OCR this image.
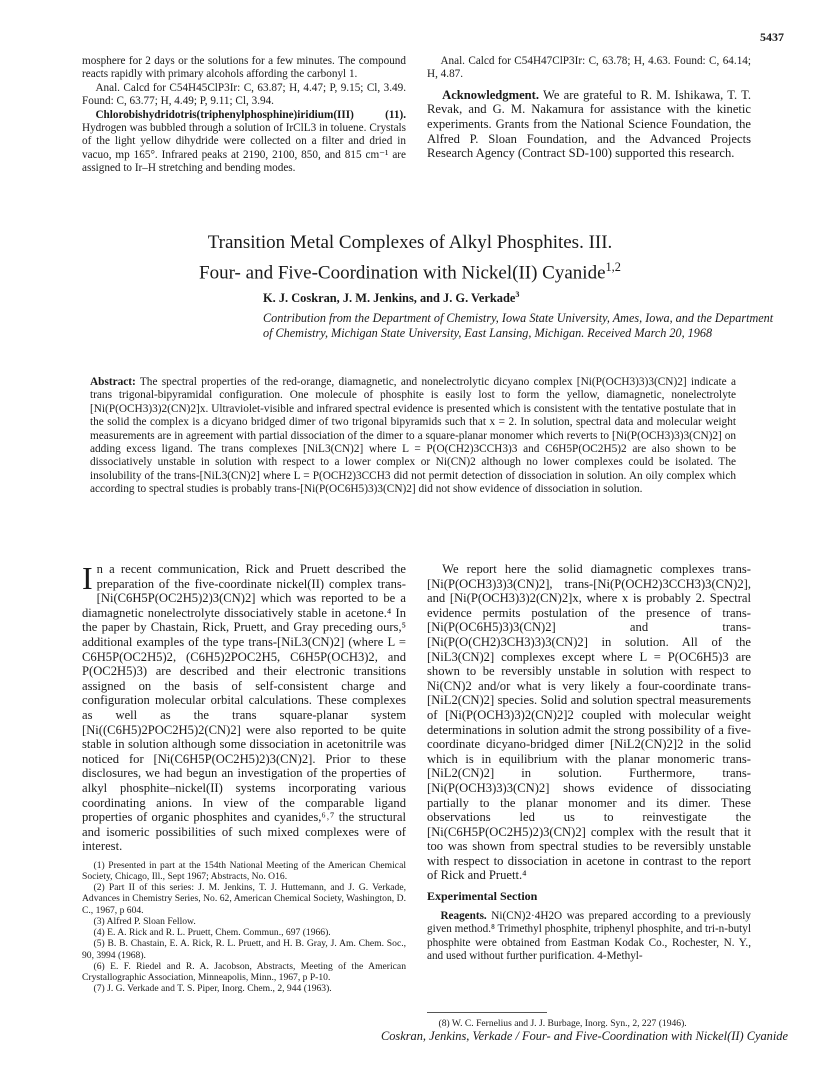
5437

mosphere for 2 days or the solutions for a few minutes. The compound reacts rapidly with primary alcohols affording the carbonyl 1.

Anal. Calcd for C54H45ClP3Ir: C, 63.87; H, 4.47; P, 9.15; Cl, 3.49. Found: C, 63.77; H, 4.49; P, 9.11; Cl, 3.94.

Chlorobishydridotris(triphenylphosphine)iridium(III) (11). Hydrogen was bubbled through a solution of IrClL3 in toluene. Crystals of the light yellow dihydride were collected on a filter and dried in vacuo, mp 165°. Infrared peaks at 2190, 2100, 850, and 815 cm⁻¹ are assigned to Ir–H stretching and bending modes.

Anal. Calcd for C54H47ClP3Ir: C, 63.78; H, 4.63. Found: C, 64.14; H, 4.87.

Acknowledgment. We are grateful to R. M. Ishikawa, T. T. Revak, and G. M. Nakamura for assistance with the kinetic experiments. Grants from the National Science Foundation, the Alfred P. Sloan Foundation, and the Advanced Projects Research Agency (Contract SD-100) supported this research.

Transition Metal Complexes of Alkyl Phosphites. III.
Four- and Five-Coordination with Nickel(II) Cyanide$^{1,2}$
K. J. Coskran, J. M. Jenkins, and J. G. Verkade$^3$
Contribution from the Department of Chemistry, Iowa State University, Ames, Iowa, and the Department of Chemistry, Michigan State University, East Lansing, Michigan. Received March 20, 1968
Abstract: The spectral properties of the red-orange, diamagnetic, and nonelectrolytic dicyano complex [Ni(P(OCH3)3)3(CN)2] indicate a trans trigonal-bipyramidal configuration. One molecule of phosphite is easily lost to form the yellow, diamagnetic, nonelectrolyte [Ni(P(OCH3)3)2(CN)2]x. Ultraviolet-visible and infrared spectral evidence is presented which is consistent with the tentative postulate that in the solid the complex is a dicyano bridged dimer of two trigonal bipyramids such that x = 2. In solution, spectral data and molecular weight measurements are in agreement with partial dissociation of the dimer to a square-planar monomer which reverts to [Ni(P(OCH3)3)3(CN)2] on adding excess ligand. The trans complexes [NiL3(CN)2] where L = P(O(CH2)3CCH3)3 and C6H5P(OC2H5)2 are also shown to be dissociatively unstable in solution with respect to a lower complex or Ni(CN)2 although no lower complexes could be isolated. The insolubility of the trans-[NiL3(CN)2] where L = P(OCH2)3CCH3 did not permit detection of dissociation in solution. An oily complex which according to spectral studies is probably trans-[Ni(P(OC6H5)3)3(CN)2] did not show evidence of dissociation in solution.
In a recent communication, Rick and Pruett described the preparation of the five-coordinate nickel(II) complex trans-[Ni(C6H5P(OC2H5)2)3(CN)2] which was reported to be a diamagnetic nonelectrolyte dissociatively stable in acetone.⁴ In the paper by Chastain, Rick, Pruett, and Gray preceding ours,⁵ additional examples of the type trans-[NiL3(CN)2] (where L = C6H5P(OC2H5)2, (C6H5)2POC2H5, C6H5P(OCH3)2, and P(OC2H5)3) are described and their electronic transitions assigned on the basis of self-consistent charge and configuration molecular orbital calculations. These complexes as well as the trans square-planar system [Ni((C6H5)2POC2H5)2(CN)2] were also reported to be quite stable in solution although some dissociation in acetonitrile was noticed for [Ni(C6H5P(OC2H5)2)3(CN)2]. Prior to these disclosures, we had begun an investigation of the properties of alkyl phosphite–nickel(II) systems incorporating various coordinating anions. In view of the comparable ligand properties of organic phosphites and cyanides,⁶˒⁷ the structural and isomeric possibilities of such mixed complexes were of interest.

(1) Presented in part at the 154th National Meeting of the American Chemical Society, Chicago, Ill., Sept 1967; Abstracts, No. O16.

(2) Part II of this series: J. M. Jenkins, T. J. Huttemann, and J. G. Verkade, Advances in Chemistry Series, No. 62, American Chemical Society, Washington, D. C., 1967, p 604.

(3) Alfred P. Sloan Fellow.

(4) E. A. Rick and R. L. Pruett, Chem. Commun., 697 (1966).

(5) B. B. Chastain, E. A. Rick, R. L. Pruett, and H. B. Gray, J. Am. Chem. Soc., 90, 3994 (1968).

(6) E. F. Riedel and R. A. Jacobson, Abstracts, Meeting of the American Crystallographic Association, Minneapolis, Minn., 1967, p P-10.

(7) J. G. Verkade and T. S. Piper, Inorg. Chem., 2, 944 (1963).

We report here the solid diamagnetic complexes trans-[Ni(P(OCH3)3)3(CN)2], trans-[Ni(P(OCH2)3CCH3)3(CN)2], and [Ni(P(OCH3)3)2(CN)2]x, where x is probably 2. Spectral evidence permits postulation of the presence of trans-[Ni(P(OC6H5)3)3(CN)2] and trans-[Ni(P(O(CH2)3CH3)3)3(CN)2] in solution. All of the [NiL3(CN)2] complexes except where L = P(OC6H5)3 are shown to be reversibly unstable in solution with respect to Ni(CN)2 and/or what is very likely a four-coordinate trans-[NiL2(CN)2] species. Solid and solution spectral measurements of [Ni(P(OCH3)3)2(CN)2]2 coupled with molecular weight determinations in solution admit the strong possibility of a five-coordinate dicyano-bridged dimer [NiL2(CN)2]2 in the solid which is in equilibrium with the planar monomeric trans-[NiL2(CN)2] in solution. Furthermore, trans-[Ni(P(OCH3)3)3(CN)2] shows evidence of dissociating partially to the planar monomer and its dimer. These observations led us to reinvestigate the [Ni(C6H5P(OC2H5)2)3(CN)2] complex with the result that it too was shown from spectral studies to be reversibly unstable with respect to dissociation in acetone in contrast to the report of Rick and Pruett.⁴
Experimental Section
Reagents. Ni(CN)2·4H2O was prepared according to a previously given method.⁸ Trimethyl phosphite, triphenyl phosphite, and tri-n-butyl phosphite were obtained from Eastman Kodak Co., Rochester, N. Y., and used without further purification. 4-Methyl-

(8) W. C. Fernelius and J. J. Burbage, Inorg. Syn., 2, 227 (1946).

Coskran, Jenkins, Verkade / Four- and Five-Coordination with Nickel(II) Cyanide
